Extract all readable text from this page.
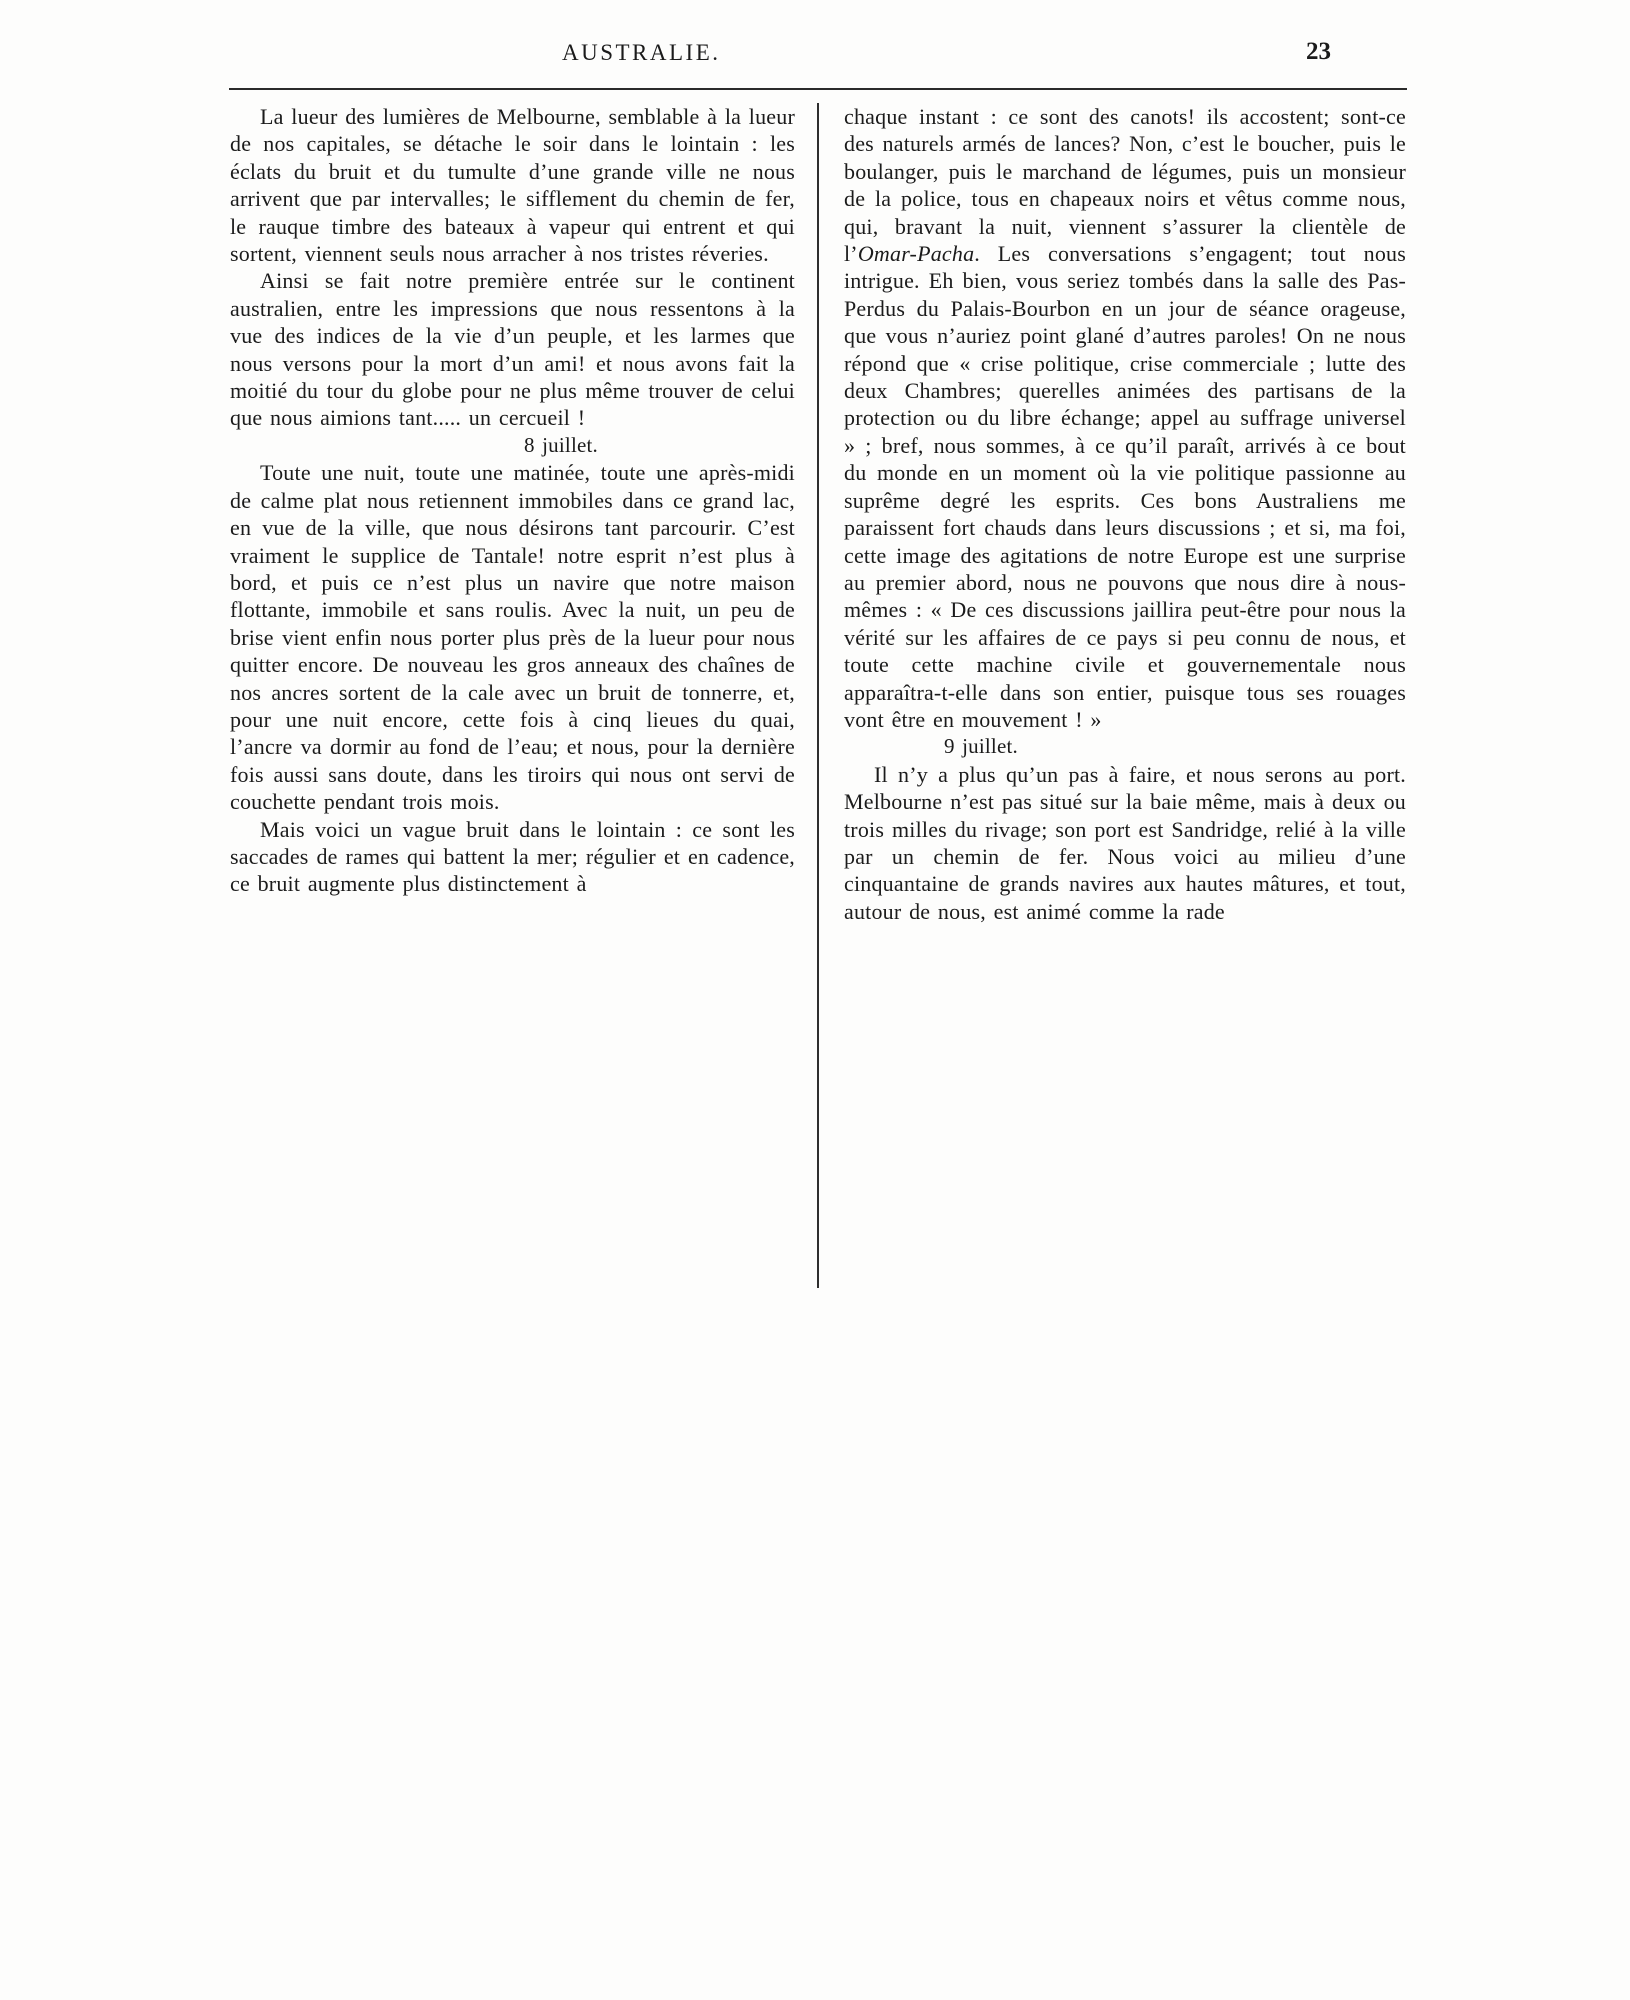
AUSTRALIE.	23

La lueur des lumières de Melbourne, semblable à la lueur de nos capitales, se détache le soir dans le lointain : les éclats du bruit et du tumulte d’une grande ville ne nous arrivent que par intervalles; le sifflement du chemin de fer, le rauque timbre des bateaux à vapeur qui entrent et qui sortent, viennent seuls nous arracher à nos tristes réveries.

Ainsi se fait notre première entrée sur le continent australien, entre les impressions que nous ressentons à la vue des indices de la vie d’un peuple, et les larmes que nous versons pour la mort d’un ami! et nous avons fait la moitié du tour du globe pour ne plus même trouver de celui que nous aimions tant..... un cercueil !

8 juillet.

Toute une nuit, toute une matinée, toute une après-midi de calme plat nous retiennent immobiles dans ce grand lac, en vue de la ville, que nous désirons tant parcourir. C’est vraiment le supplice de Tantale! notre esprit n’est plus à bord, et puis ce n’est plus un navire que notre maison flottante, immobile et sans roulis. Avec la nuit, un peu de brise vient enfin nous porter plus près de la lueur pour nous quitter encore. De nouveau les gros anneaux des chaînes de nos ancres sortent de la cale avec un bruit de tonnerre, et, pour une nuit encore, cette fois à cinq lieues du quai, l’ancre va dormir au fond de l’eau; et nous, pour la dernière fois aussi sans doute, dans les tiroirs qui nous ont servi de couchette pendant trois mois.

Mais voici un vague bruit dans le lointain : ce sont les saccades de rames qui battent la mer; régulier et en cadence, ce bruit augmente plus distinctement à

chaque instant : ce sont des canots! ils accostent; sont-ce des naturels armés de lances? Non, c’est le boucher, puis le boulanger, puis le marchand de légumes, puis un monsieur de la police, tous en chapeaux noirs et vêtus comme nous, qui, bravant la nuit, viennent s’assurer la clientèle de l’Omar-Pacha. Les conversations s’engagent; tout nous intrigue. Eh bien, vous seriez tombés dans la salle des Pas-Perdus du Palais-Bourbon en un jour de séance orageuse, que vous n’auriez point glané d’autres paroles! On ne nous répond que « crise politique, crise commerciale ; lutte des deux Chambres; querelles animées des partisans de la protection ou du libre échange; appel au suffrage universel » ; bref, nous sommes, à ce qu’il paraît, arrivés à ce bout du monde en un moment où la vie politique passionne au suprême degré les esprits. Ces bons Australiens me paraissent fort chauds dans leurs discussions ; et si, ma foi, cette image des agitations de notre Europe est une surprise au premier abord, nous ne pouvons que nous dire à nous-mêmes : « De ces discussions jaillira peut-être pour nous la vérité sur les affaires de ce pays si peu connu de nous, et toute cette machine civile et gouvernementale nous apparaîtra-t-elle dans son entier, puisque tous ses rouages vont être en mouvement ! »

9 juillet.

Il n’y a plus qu’un pas à faire, et nous serons au port. Melbourne n’est pas situé sur la baie même, mais à deux ou trois milles du rivage; son port est Sandridge, relié à la ville par un chemin de fer. Nous voici au milieu d’une cinquantaine de grands navires aux hautes mâtures, et tout, autour de nous, est animé comme la rade
